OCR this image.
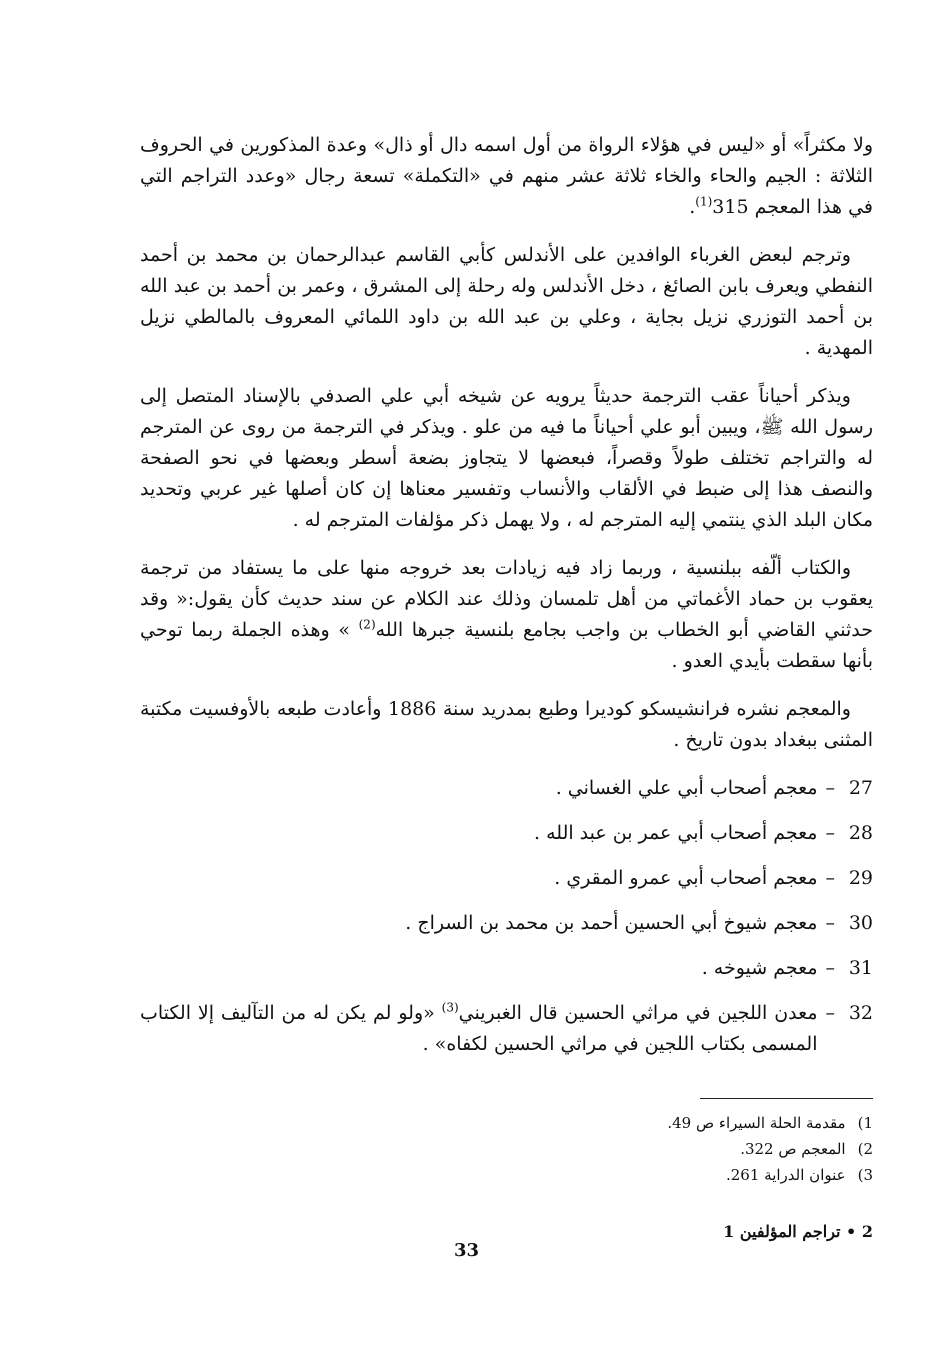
ولا مكثراً» أو «ليس في هؤلاء الرواة من أول اسمه دال أو ذال» وعدة المذكورين في الحروف الثلاثة : الجيم والحاء والخاء ثلاثة عشر منهم في «التكملة» تسعة رجال «وعدد التراجم التي في هذا المعجم 315$^{(1)}$.

وترجم لبعض الغرباء الوافدين على الأندلس كأبي القاسم عبدالرحمان بن محمد بن أحمد النفطي ويعرف بابن الصائغ ، دخل الأندلس وله رحلة إلى المشرق ، وعمر بن أحمد بن عبد الله بن أحمد التوزري نزيل بجاية ، وعلي بن عبد الله بن داود اللمائي المعروف بالمالطي نزيل المهدية .

ويذكر أحياناً عقب الترجمة حديثاً يرويه عن شيخه أبي علي الصدفي بالإسناد المتصل إلى رسول الله ﷺ، ويبين أبو علي أحياناً ما فيه من علو . ويذكر في الترجمة من روى عن المترجم له والتراجم تختلف طولاً وقصراً، فبعضها لا يتجاوز بضعة أسطر وبعضها في نحو الصفحة والنصف هذا إلى ضبط في الألقاب والأنساب وتفسير معناها إن كان أصلها غير عربي وتحديد مكان البلد الذي ينتمي إليه المترجم له ، ولا يهمل ذكر مؤلفات المترجم له .

والكتاب ألّفه ببلنسية ، وربما زاد فيه زيادات بعد خروجه منها على ما يستفاد من ترجمة يعقوب بن حماد الأغماتي من أهل تلمسان وذلك عند الكلام عن سند حديث كأن يقول:« وقد حدثني القاضي أبو الخطاب بن واجب بجامع بلنسية جبرها الله$^{(2)}$ » وهذه الجملة ربما توحي بأنها سقطت بأيدي العدو .

والمعجم نشره فرانشيسكو كوديرا وطبع بمدريد سنة 1886 وأعادت طبعه بالأوفسيت مكتبة المثنى ببغداد بدون تاريخ .

27
–
معجم أصحاب أبي علي الغساني .
28
–
معجم أصحاب أبي عمر بن عبد الله .
29
–
معجم أصحاب أبي عمرو المقري .
30
–
معجم شيوخ أبي الحسين أحمد بن محمد بن السراج .
31
–
معجم شيوخه .
32
–
معدن اللجين في مراثي الحسين قال الغبريني$^{(3)}$ «ولو لم يكن له من التآليف إلا الكتاب المسمى بكتاب اللجين في مراثي الحسين لكفاه» .
1)
مقدمة الحلة السيراء ص 49.
2)
المعجم ص 322.
3)
عنوان الدراية 261.
2 • تراجم المؤلفين 1
33
